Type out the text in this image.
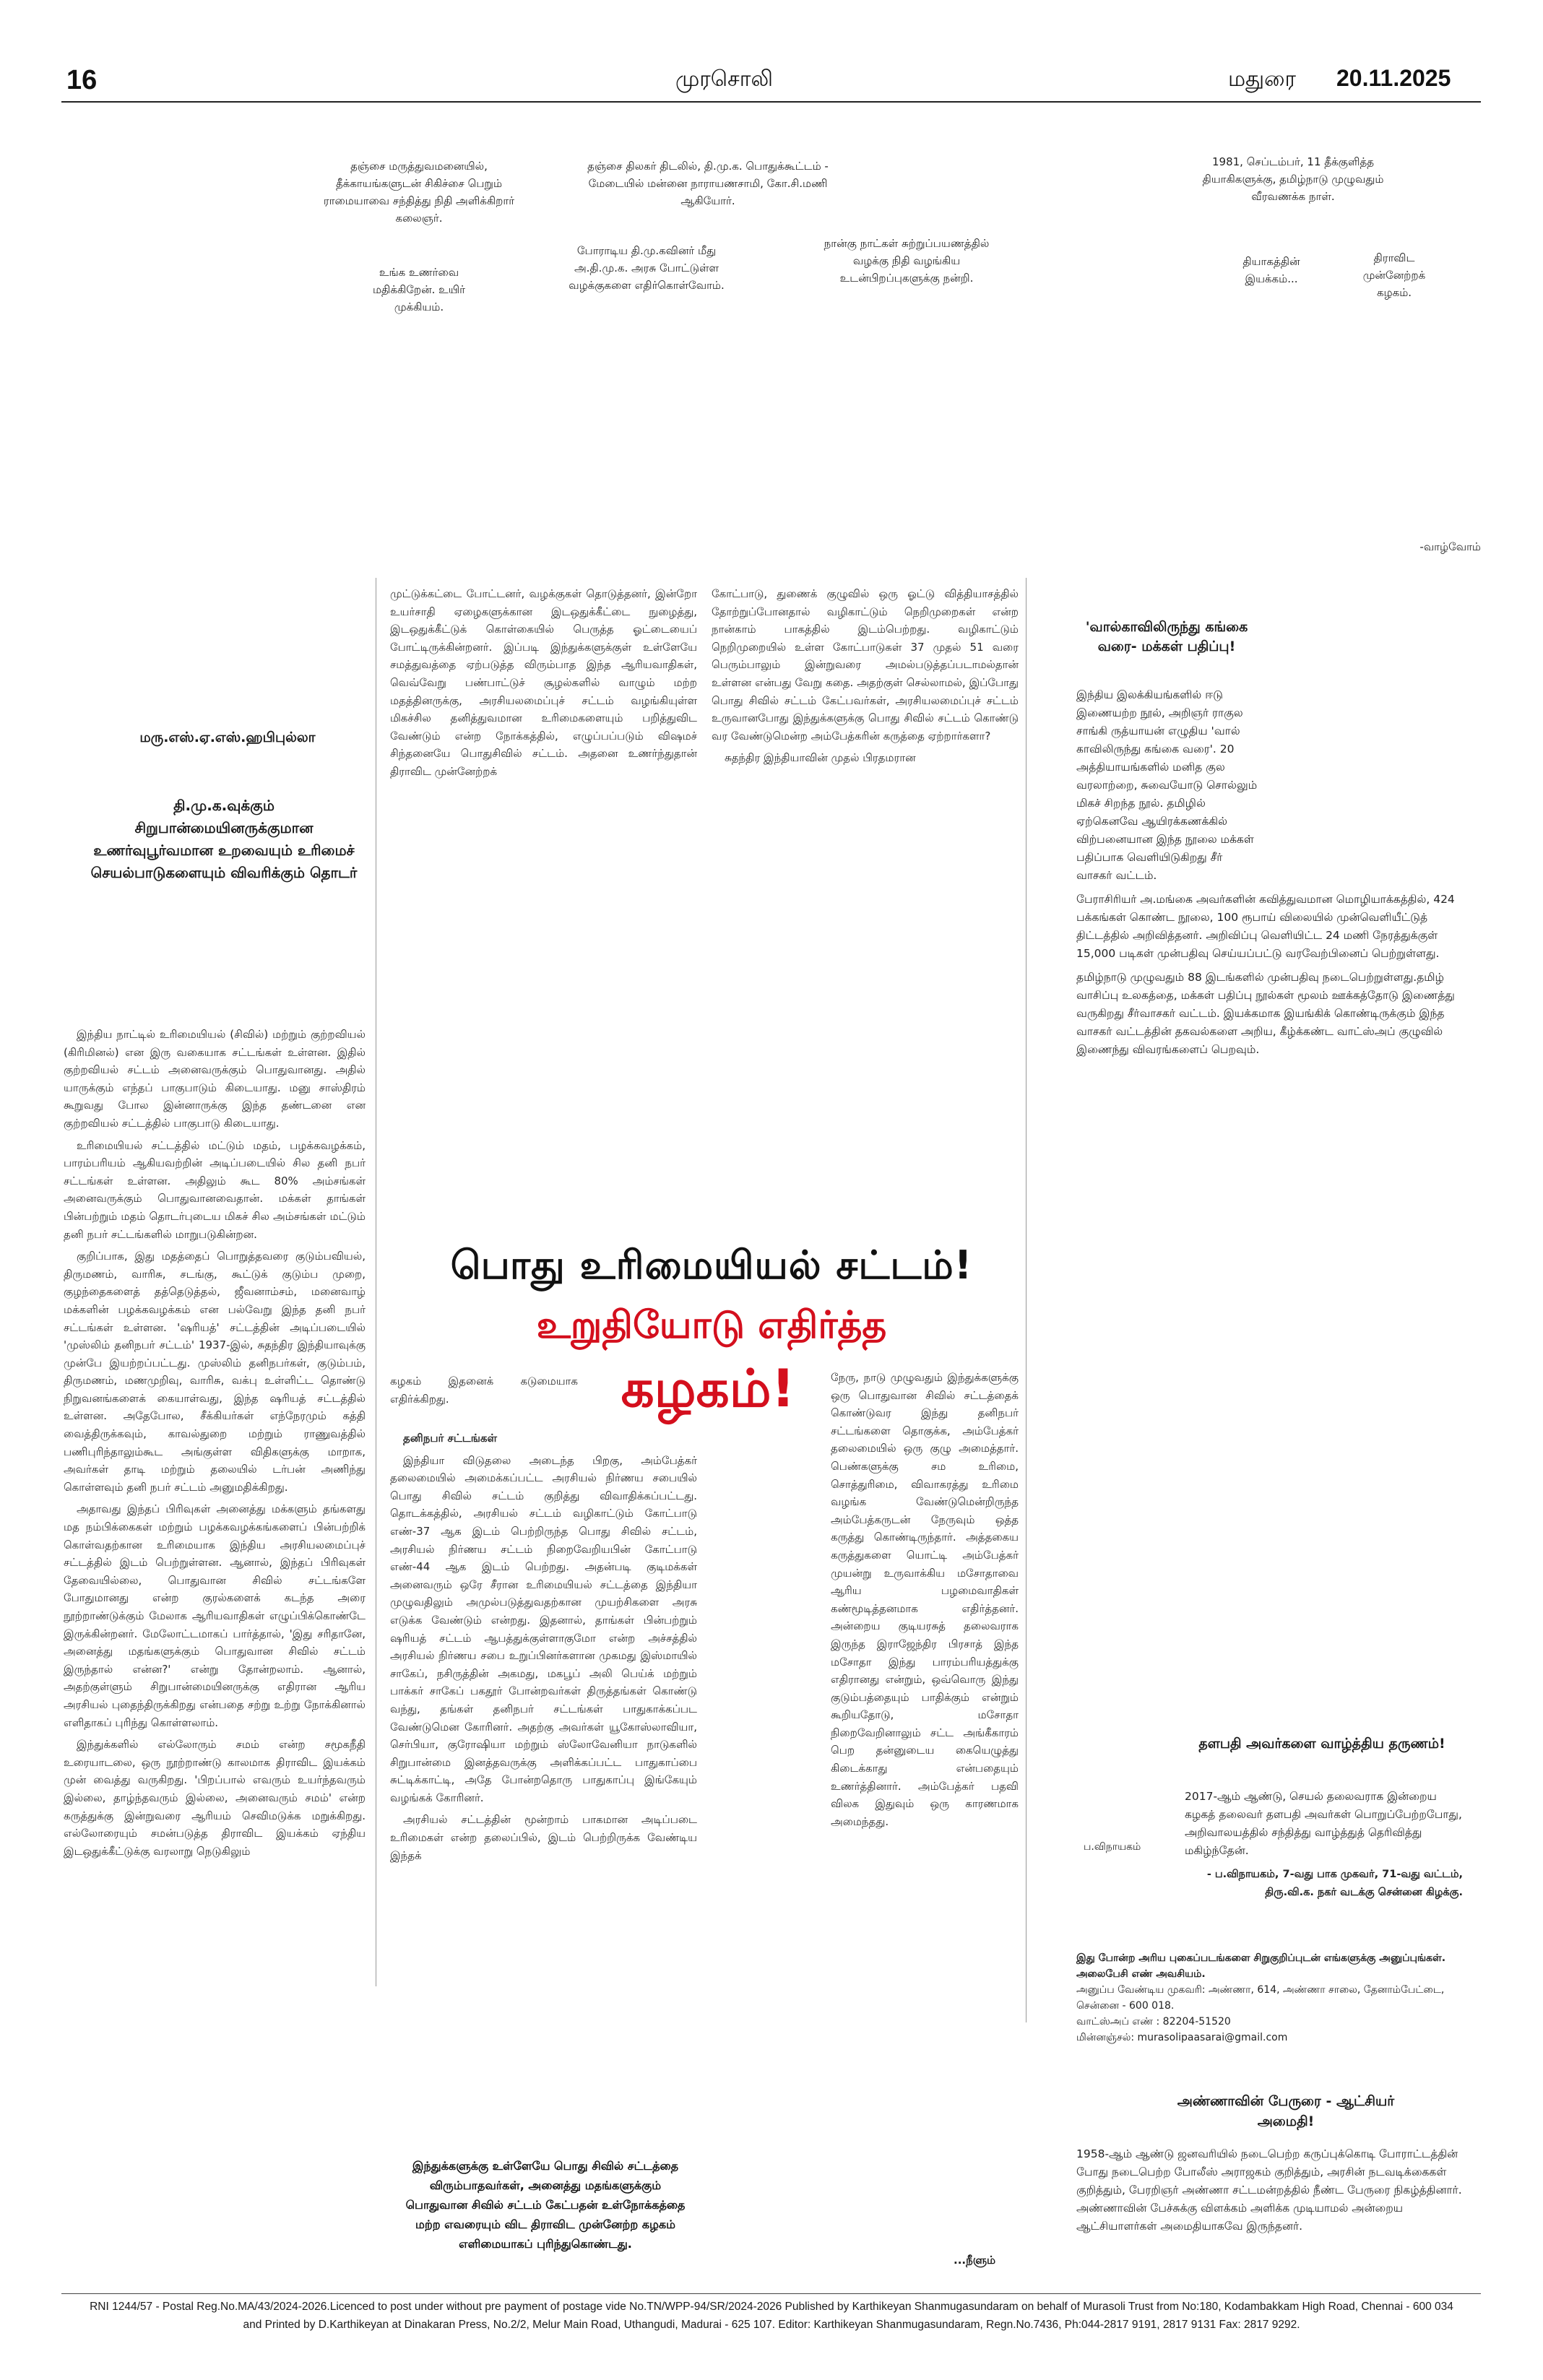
16	முரசொலி	மதுரை 20.11.2025
தஞ்சை மருத்துவமனையில், தீக்காயங்களுடன் சிகிச்சை பெறும் ராமையாவை சந்தித்து நிதி அளிக்கிறார் கலைஞர்.
உங்க உணர்வை மதிக்கிறேன். உயிர் முக்கியம்.
தஞ்சை திலகர் திடலில், தி.மு.க. பொதுக்கூட்டம் - மேடையில் மன்னை நாராயணசாமி, கோ.சி.மணி ஆகியோர்.
போராடிய தி.மு.கவினர் மீது அ.தி.மு.க. அரசு போட்டுள்ள வழக்குகளை எதிர்கொள்வோம்.
நான்கு நாட்கள் சுற்றுப்பயணத்தில் வழக்கு நிதி வழங்கிய உடன்பிறப்புகளுக்கு நன்றி.
1981, செப்டம்பர், 11 தீக்குளித்த தியாகிகளுக்கு, தமிழ்நாடு முழுவதும் வீரவணக்க நாள்.
தியாகத்தின் இயக்கம்...
திராவிட முன்னேற்றக் கழகம்.
-வாழ்வோம்
மரு.எஸ்.ஏ.எஸ்.ஹபிபுல்லா
தி.மு.க.வுக்கும் சிறுபான்மையினருக்குமான உணர்வுபூர்வமான உறவையும் உரிமைச் செயல்பாடுகளையும் விவரிக்கும் தொடர்

இந்திய நாட்டில் உரிமையியல் (சிவில்) மற்றும் குற்றவியல் (கிரிமினல்) என இரு வகையாக சட்டங்கள் உள்ளன. இதில் குற்றவியல் சட்டம் அனைவருக்கும் பொதுவானது. அதில் யாருக்கும் எந்தப் பாகுபாடும் கிடையாது. மனு சாஸ்திரம் கூறுவது போல இன்னாருக்கு இந்த தண்டனை என குற்றவியல் சட்டத்தில் பாகுபாடு கிடையாது.

உரிமையியல் சட்டத்தில் மட்டும் மதம், பழக்கவழக்கம், பாரம்பரியம் ஆகியவற்றின் அடிப்படையில் சில தனி நபர் சட்டங்கள் உள்ளன. அதிலும் கூட 80% அம்சங்கள் அனைவருக்கும் பொதுவானவைதான். மக்கள் தாங்கள் பின்பற்றும் மதம் தொடர்புடைய மிகச் சில அம்சங்கள் மட்டும் தனி நபர் சட்டங்களில் மாறுபடுகின்றன.

குறிப்பாக, இது மதத்தைப் பொறுத்தவரை குடும்பவியல், திருமணம், வாரிசு, சடங்கு, கூட்டுக் குடும்ப முறை, குழந்தைகளைத் தத்தெடுத்தல், ஜீவனாம்சம், மனைவாழ் மக்களின் பழக்கவழக்கம் என பல்வேறு இந்த தனி நபர் சட்டங்கள் உள்ளன. 'ஷரியத்' சட்டத்தின் அடிப்படையில் 'முஸ்லிம் தனிநபர் சட்டம்' 1937-இல், சுதந்திர இந்தியாவுக்கு முன்பே இயற்றப்பட்டது. முஸ்லிம் தனிநபர்கள், குடும்பம், திருமணம், மணமுறிவு, வாரிசு, வக்பு உள்ளிட்ட தொண்டு நிறுவனங்களைக் கையாள்வது, இந்த ஷரியத் சட்டத்தில் உள்ளன. அதேபோல, சீக்கியர்கள் எந்நேரமும் கத்தி வைத்திருக்கவும், காவல்துறை மற்றும் ராணுவத்தில் பணிபுரிந்தாலும்கூட அங்குள்ள விதிகளுக்கு மாறாக, அவர்கள் தாடி மற்றும் தலையில் டர்பன் அணிந்து கொள்ளவும் தனி நபர் சட்டம் அனுமதிக்கிறது.

அதாவது இந்தப் பிரிவுகள் அனைத்து மக்களும் தங்களது மத நம்பிக்கைகள் மற்றும் பழக்கவழக்கங்களைப் பின்பற்றிக் கொள்வதற்கான உரிமையாக இந்திய அரசியலமைப்புச் சட்டத்தில் இடம் பெற்றுள்ளன. ஆனால், இந்தப் பிரிவுகள் தேவையில்லை, பொதுவான சிவில் சட்டங்களே போதுமானது என்ற குரல்களைக் கடந்த அரை நூற்றாண்டுக்கும் மேலாக ஆரியவாதிகள் எழுப்பிக்கொண்டே இருக்கின்றனர். மேலோட்டமாகப் பார்த்தால், 'இது சரிதானே, அனைத்து மதங்களுக்கும் பொதுவான சிவில் சட்டம் இருந்தால் என்ன?' என்று தோன்றலாம். ஆனால், அதற்குள்ளும் சிறுபான்மையினருக்கு எதிரான ஆரிய அரசியல் புதைந்திருக்கிறது என்பதை சற்று உற்று நோக்கினால் எளிதாகப் புரிந்து கொள்ளலாம்.

இந்துக்களில் எல்லோரும் சமம் என்ற சமூகநீதி உரையாடலை, ஒரு நூற்றாண்டு காலமாக திராவிட இயக்கம் முன் வைத்து வருகிறது. 'பிறப்பால் எவரும் உயர்ந்தவரும் இல்லை, தாழ்ந்தவரும் இல்லை, அனைவரும் சமம்' என்ற கருத்துக்கு இன்றுவரை ஆரியம் செவிமடுக்க மறுக்கிறது. எல்லோரையும் சமன்படுத்த திராவிட இயக்கம் ஏந்திய இடஒதுக்கீட்டுக்கு வரலாறு நெடுகிலும்

முட்டுக்கட்டை போட்டனர், வழக்குகள் தொடுத்தனர், இன்றோ உயர்சாதி ஏழைகளுக்கான இடஒதுக்கீட்டை நுழைத்து, இடஒதுக்கீட்டுக் கொள்கையில் பெருத்த ஓட்டையைப் போட்டிருக்கின்றனர். இப்படி இந்துக்களுக்குள் உள்ளேயே சமத்துவத்தை ஏற்படுத்த விரும்பாத இந்த ஆரியவாதிகள், வெவ்வேறு பண்பாட்டுச் சூழல்களில் வாழும் மற்ற மதத்தினருக்கு, அரசியலமைப்புச் சட்டம் வழங்கியுள்ள மிகச்சில தனித்துவமான உரிமைகளையும் பறித்துவிட வேண்டும் என்ற நோக்கத்தில், எழுப்பப்படும் விஷமச் சிந்தனையே பொதுசிவில் சட்டம். அதனை உணர்ந்துதான் திராவிட முன்னேற்றக்

கோட்பாடு, துணைக் குழுவில் ஒரு ஓட்டு வித்தியாசத்தில் தோற்றுப்போனதால் வழிகாட்டும் நெறிமுறைகள் என்ற நான்காம் பாகத்தில் இடம்பெற்றது. வழிகாட்டும் நெறிமுறையில் உள்ள கோட்பாடுகள் 37 முதல் 51 வரை பெரும்பாலும் இன்றுவரை அமல்படுத்தப்படாமல்தான் உள்ளன என்பது வேறு கதை. அதற்குள் செல்லாமல், இப்போது பொது சிவில் சட்டம் கேட்பவர்கள், அரசியலமைப்புச் சட்டம் உருவானபோது இந்துக்களுக்கு பொது சிவில் சட்டம் கொண்டு வர வேண்டுமென்ற அம்பேத்கரின் கருத்தை ஏற்றார்களா?

சுதந்திர இந்தியாவின் முதல் பிரதமரான

பொது உரிமையியல் சட்டம்!
உறுதியோடு எதிர்த்த
கழகம்!

கழகம் இதனைக் கடுமையாக எதிர்க்கிறது.

தனிநபர் சட்டங்கள்

இந்தியா விடுதலை அடைந்த பிறகு, அம்பேத்கர் தலைமையில் அமைக்கப்பட்ட அரசியல் நிர்ணய சபையில் பொது சிவில் சட்டம் குறித்து விவாதிக்கப்பட்டது. தொடக்கத்தில், அரசியல் சட்டம் வழிகாட்டும் கோட்பாடு எண்-37 ஆக இடம் பெற்றிருந்த பொது சிவில் சட்டம், அரசியல் நிர்ணய சட்டம் நிறைவேறியபின் கோட்பாடு எண்-44 ஆக இடம் பெற்றது. அதன்படி குடிமக்கள் அனைவரும் ஒரே சீரான உரிமையியல் சட்டத்தை இந்தியா முழுவதிலும் அமுல்படுத்துவதற்கான முயற்சிகளை அரசு எடுக்க வேண்டும் என்றது. இதனால், தாங்கள் பின்பற்றும் ஷரியத் சட்டம் ஆபத்துக்குள்ளாகுமோ என்ற அச்சத்தில் அரசியல் நிர்ணய சபை உறுப்பினர்களான முகமது இஸ்மாயில் சாகேப், நசிருத்தின் அகமது, மகபூப் அலி பெய்க் மற்றும் பாக்கர் சாகேப் பகதூர் போன்றவர்கள் திருத்தங்கள் கொண்டு வந்து, தங்கள் தனிநபர் சட்டங்கள் பாதுகாக்கப்பட வேண்டுமென கோரினர். அதற்கு அவர்கள் யூகோஸ்லாவியா, செர்பியா, குரோஷியா மற்றும் ஸ்லோவேனியா நாடுகளில் சிறுபான்மை இனத்தவருக்கு அளிக்கப்பட்ட பாதுகாப்பை சுட்டிக்காட்டி, அதே போன்றதொரு பாதுகாப்பு இங்கேயும் வழங்கக் கோரினர்.

அரசியல் சட்டத்தின் மூன்றாம் பாகமான அடிப்படை உரிமைகள் என்ற தலைப்பில், இடம் பெற்றிருக்க வேண்டிய இந்தக்

நேரு, நாடு முழுவதும் இந்துக்களுக்கு ஒரு பொதுவான சிவில் சட்டத்தைக் கொண்டுவர இந்து தனிநபர் சட்டங்களை தொகுக்க, அம்பேத்கர் தலைமையில் ஒரு குழு அமைத்தார். பெண்களுக்கு சம உரிமை, சொத்துரிமை, விவாகரத்து உரிமை வழங்க வேண்டுமென்றிருந்த அம்பேத்கருடன் நேருவும் ஒத்த கருத்து கொண்டிருந்தார். அத்தகைய கருத்துகளை யொட்டி அம்பேத்கர் முயன்று உருவாக்கிய மசோதாவை ஆரிய பழமைவாதிகள் கண்மூடித்தனமாக எதிர்த்தனர். அன்றைய குடியரசுத் தலைவராக இருந்த இராஜேந்திர பிரசாத் இந்த மசோதா இந்து பாரம்பரியத்துக்கு எதிரானது என்றும், ஒவ்வொரு இந்து குடும்பத்தையும் பாதிக்கும் என்றும் கூறியதோடு, மசோதா நிறைவேறினாலும் சட்ட அங்கீகாரம் பெற தன்னுடைய கையெழுத்து கிடைக்காது என்பதையும் உணர்த்தினார். அம்பேத்கர் பதவி விலக இதுவும் ஒரு காரணமாக அமைந்தது.

இந்துக்களுக்கு உள்ளேயே பொது சிவில் சட்டத்தை விரும்பாதவர்கள், அனைத்து மதங்களுக்கும் பொதுவான சிவில் சட்டம் கேட்பதன் உள்நோக்கத்தை மற்ற எவரையும் விட திராவிட முன்னேற்ற கழகம் எளிமையாகப் புரிந்துகொண்டது.
...நீளும்
'வால்காவிலிருந்து கங்கை வரை- மக்கள் பதிப்பு!

இந்திய இலக்கியங்களில் ஈடு இணையற்ற நூல், அறிஞர் ராகுல சாங்கி ருத்யாயன் எழுதிய 'வால் காவிலிருந்து கங்கை வரை'. 20 அத்தியாயங்களில் மனித குல வரலாற்றை, சுவையோடு சொல்லும் மிகச் சிறந்த நூல். தமிழில் ஏற்கெனவே ஆயிரக்கணக்கில் விற்பனையான இந்த நூலை மக்கள் பதிப்பாக வெளியிடுகிறது சீர் வாசகர் வட்டம்.

பேராசிரியர் அ.மங்கை அவர்களின் கவித்துவமான மொழியாக்கத்தில், 424 பக்கங்கள் கொண்ட நூலை, 100 ரூபாய் விலையில் முன்வெளியீட்டுத் திட்டத்தில் அறிவித்தனர். அறிவிப்பு வெளியிட்ட 24 மணி நேரத்துக்குள் 15,000 படிகள் முன்பதிவு செய்யப்பட்டு வரவேற்பினைப் பெற்றுள்ளது.

தமிழ்நாடு முழுவதும் 88 இடங்களில் முன்பதிவு நடைபெற்றுள்ளது.தமிழ் வாசிப்பு உலகத்தை, மக்கள் பதிப்பு நூல்கள் மூலம் ஊக்கத்தோடு இணைத்து வருகிறது சீர்வாசகர் வட்டம். இயக்கமாக இயங்கிக் கொண்டிருக்கும் இந்த வாசகர் வட்டத்தின் தகவல்களை அறிய, கீழ்க்கண்ட வாட்ஸ்அப் குழுவில் இணைந்து விவரங்களைப் பெறவும்.

தளபதி அவர்களை வாழ்த்திய தருணம்!

2017-ஆம் ஆண்டு, செயல் தலைவராக இன்றைய கழகத் தலைவர் தளபதி அவர்கள் பொறுப்பேற்றபோது, அறிவாலயத்தில் சந்தித்து வாழ்த்துத் தெரிவித்து மகிழ்ந்தேன்.

- ப.விநாயகம், 7-வது பாக முகவர், 71-வது வட்டம், திரு.வி.க. நகர் வடக்கு சென்னை கிழக்கு.

ப.விநாயகம்
இது போன்ற அரிய புகைப்படங்களை சிறுகுறிப்புடன் எங்களுக்கு அனுப்புங்கள். அலைபேசி எண் அவசியம்.
அனுப்ப வேண்டிய முகவரி: அண்ணா, 614, அண்ணா சாலை, தேனாம்பேட்டை, சென்னை - 600 018.
வாட்ஸ்அப் எண் : 82204-51520
மின்னஞ்சல்: murasolipaasarai@gmail.com
அண்ணாவின் பேருரை - ஆட்சியர் அமைதி!

1958-ஆம் ஆண்டு ஜனவரியில் நடைபெற்ற கருப்புக்கொடி போராட்டத்தின் போது நடைபெற்ற போலீஸ் அராஜகம் குறித்தும், அரசின் நடவடிக்கைகள் குறித்தும், பேரறிஞர் அண்ணா சட்டமன்றத்தில் நீண்ட பேருரை நிகழ்த்தினார். அண்ணாவின் பேச்சுக்கு விளக்கம் அளிக்க முடியாமல் அன்றைய ஆட்சியாளர்கள் அமைதியாகவே இருந்தனர்.

RNI 1244/57 - Postal Reg.No.MA/43/2024-2026.Licenced to post under without pre payment of postage vide No.TN/WPP-94/SR/2024-2026 Published by Karthikeyan Shanmugasundaram on behalf of Murasoli Trust from No:180, Kodambakkam High Road, Chennai - 600 034
and Printed by D.Karthikeyan at Dinakaran Press, No.2/2, Melur Main Road, Uthangudi, Madurai - 625 107. Editor: Karthikeyan Shanmugasundaram, Regn.No.7436, Ph:044-2817 9191, 2817 9131 Fax: 2817 9292.
